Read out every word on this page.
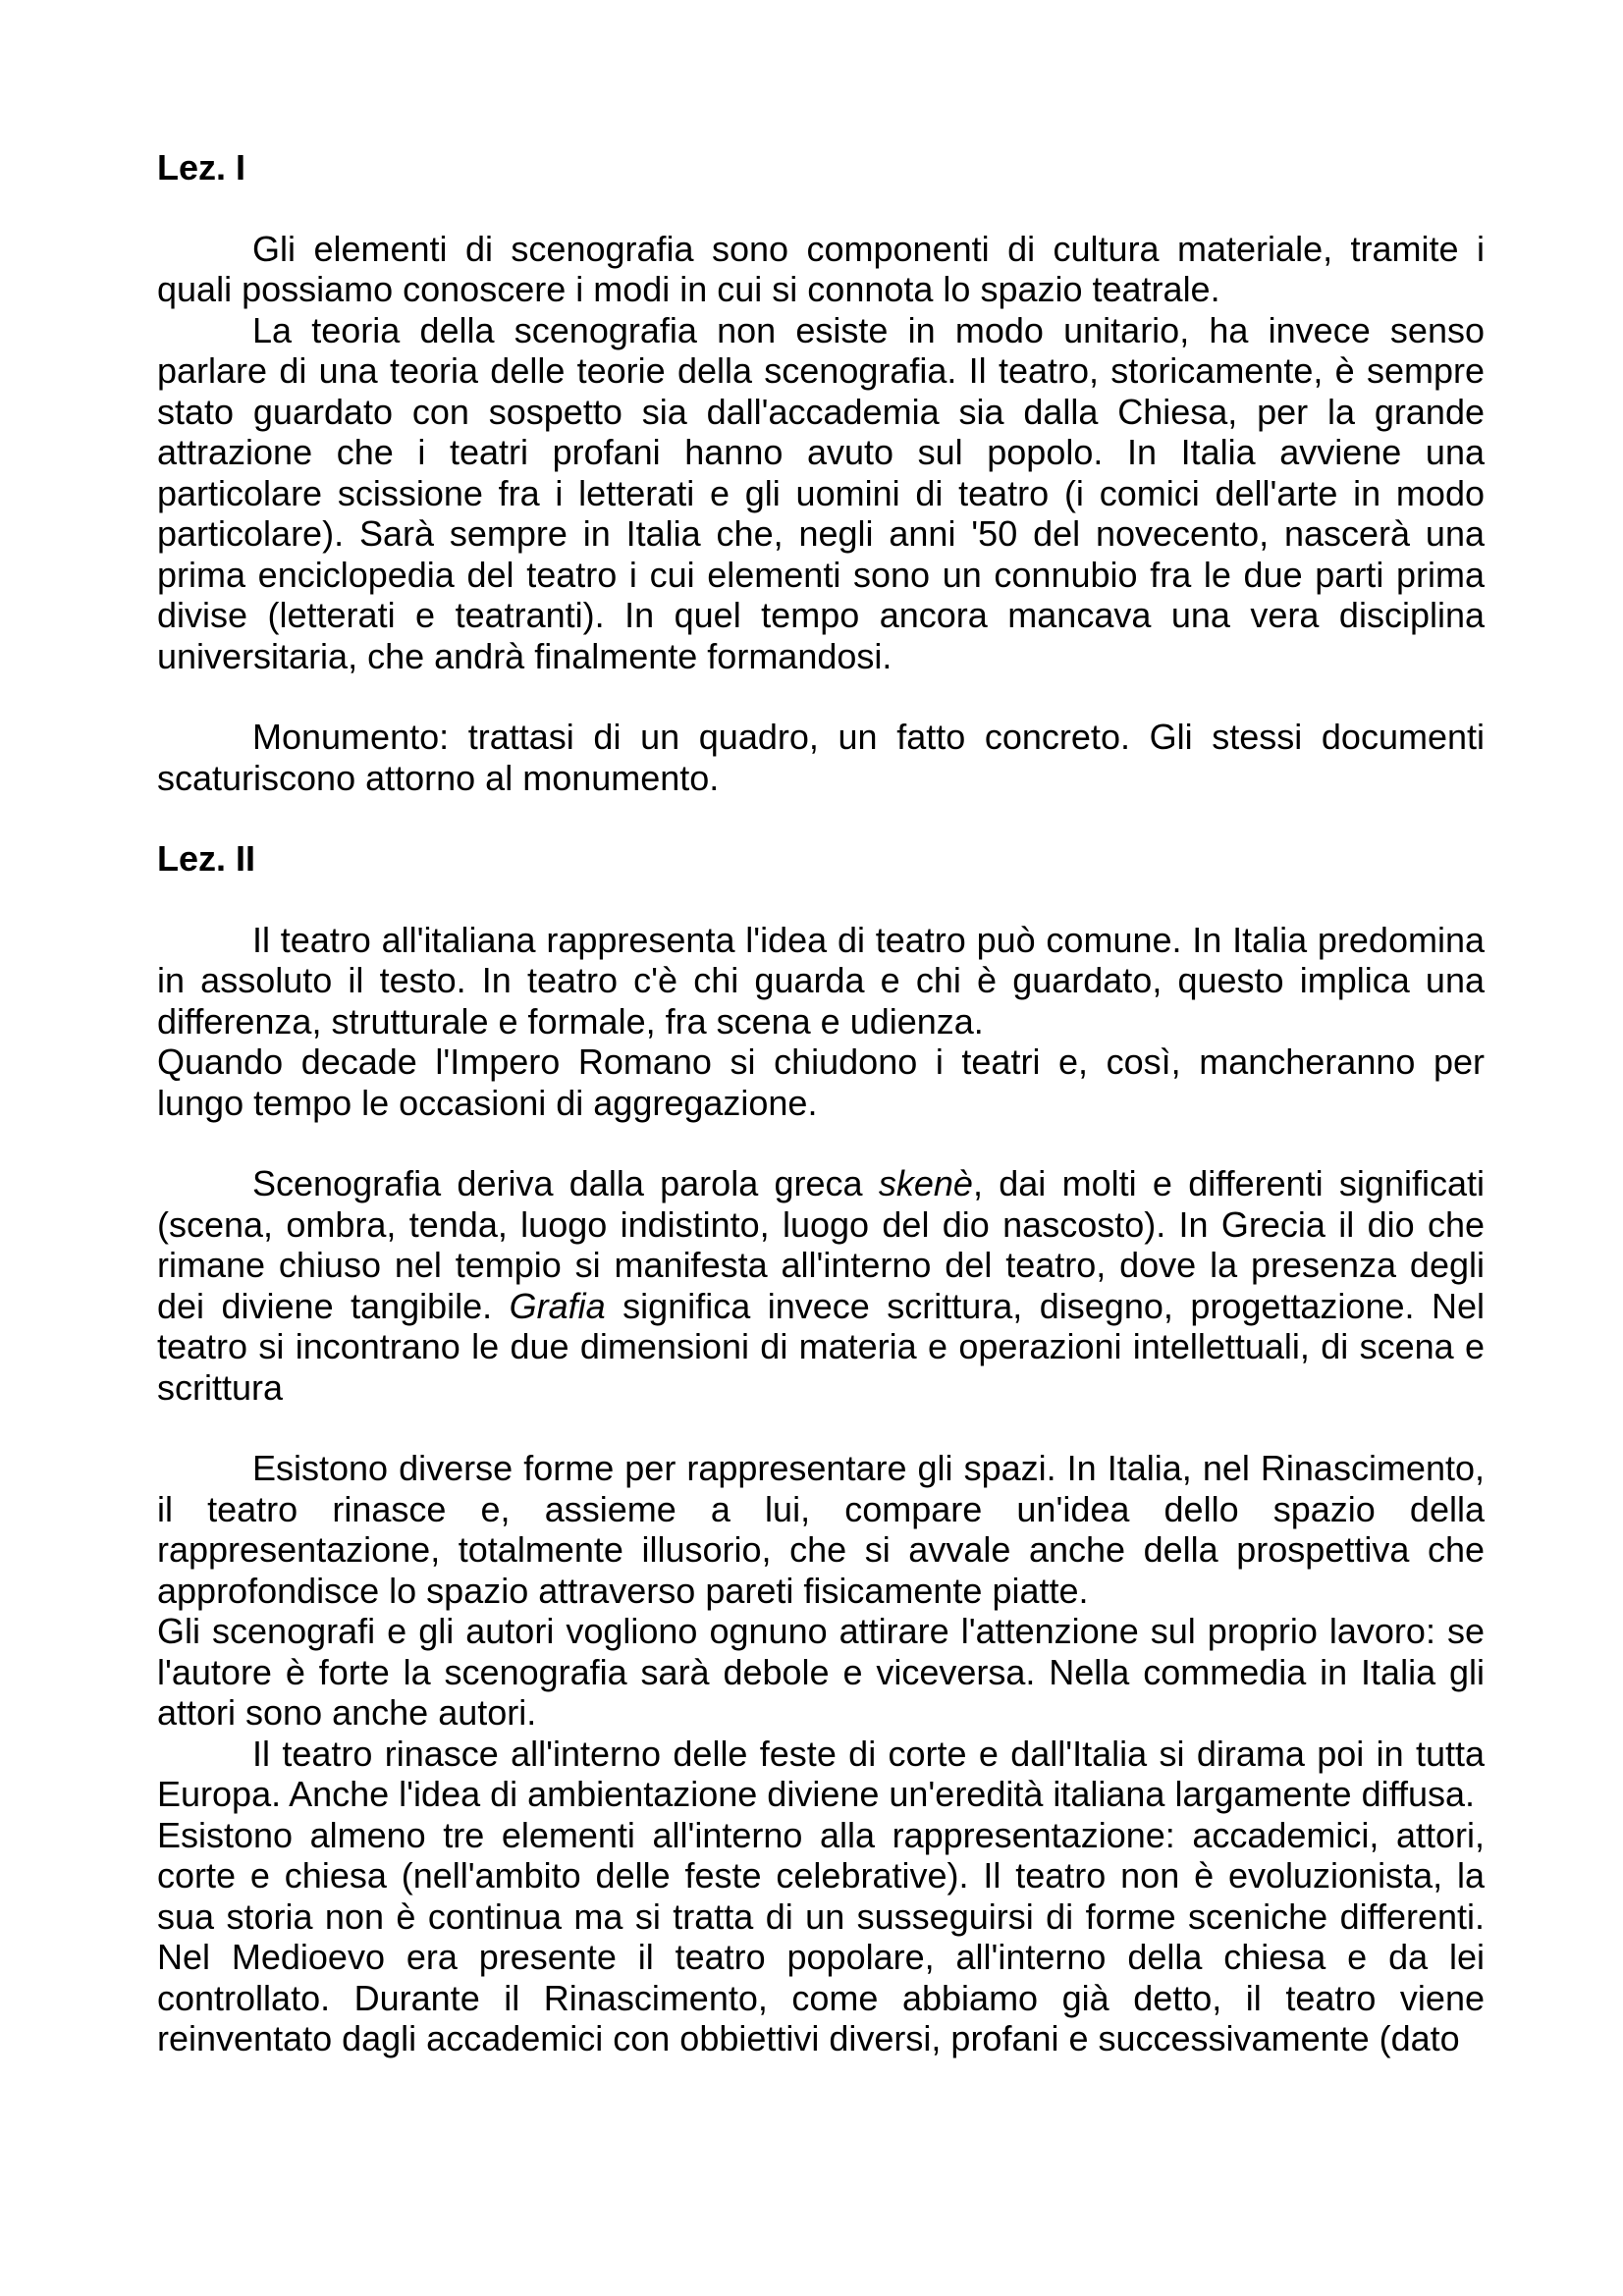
Lez. I

Gli elementi di scenografia sono componenti di cultura materiale, tramite i quali possiamo conoscere i modi in cui si connota lo spazio teatrale.

La teoria della scenografia non esiste in modo unitario, ha invece senso parlare di una teoria delle teorie della scenografia. Il teatro, storicamente, è sempre stato guardato con sospetto sia dall'accademia sia dalla Chiesa, per la grande attrazione che i teatri profani hanno avuto sul popolo. In Italia avviene una particolare scissione fra i letterati e gli uomini di teatro (i comici dell'arte in modo particolare). Sarà sempre in Italia che, negli anni '50 del novecento, nascerà una prima enciclopedia del teatro i cui elementi sono un connubio fra le due parti prima divise (letterati e teatranti). In quel tempo ancora mancava una vera disciplina universitaria, che andrà finalmente formandosi.

Monumento: trattasi di un quadro, un fatto concreto. Gli stessi documenti scaturiscono attorno al monumento.

Lez. II

Il teatro all'italiana rappresenta l'idea di teatro può comune. In Italia predomina in assoluto il testo. In teatro c'è chi guarda e chi è guardato, questo implica una differenza, strutturale e formale, fra scena e udienza.

Quando decade l'Impero Romano si chiudono i teatri e, così, mancheranno per lungo tempo le occasioni di aggregazione.

Scenografia deriva dalla parola greca skenè, dai molti e differenti significati (scena, ombra, tenda, luogo indistinto, luogo del dio nascosto). In Grecia il dio che rimane chiuso nel tempio si manifesta all'interno del teatro, dove la presenza degli dei diviene tangibile. Grafia significa invece scrittura, disegno, progettazione. Nel teatro si incontrano le due dimensioni di materia e operazioni intellettuali, di scena e scrittura

Esistono diverse forme per rappresentare gli spazi. In Italia, nel Rinascimento, il teatro rinasce e, assieme a lui, compare un'idea dello spazio della rappresentazione, totalmente illusorio, che si avvale anche della prospettiva che approfondisce lo spazio attraverso pareti fisicamente piatte.

Gli scenografi e gli autori vogliono ognuno attirare l'attenzione sul proprio lavoro: se l'autore è forte la scenografia sarà debole e viceversa. Nella commedia in Italia gli attori sono anche autori.

Il teatro rinasce all'interno delle feste di corte e dall'Italia si dirama poi in tutta Europa. Anche l'idea di ambientazione diviene un'eredità italiana largamente diffusa.

Esistono almeno tre elementi all'interno alla rappresentazione: accademici, attori, corte e chiesa (nell'ambito delle feste celebrative). Il teatro non è evoluzionista, la sua storia non è continua ma si tratta di un susseguirsi di forme sceniche differenti. Nel Medioevo era presente il teatro popolare, all'interno della chiesa e da lei controllato. Durante il Rinascimento, come abbiamo già detto, il teatro viene reinventato dagli accademici con obbiettivi diversi, profani e successivamente (dato
